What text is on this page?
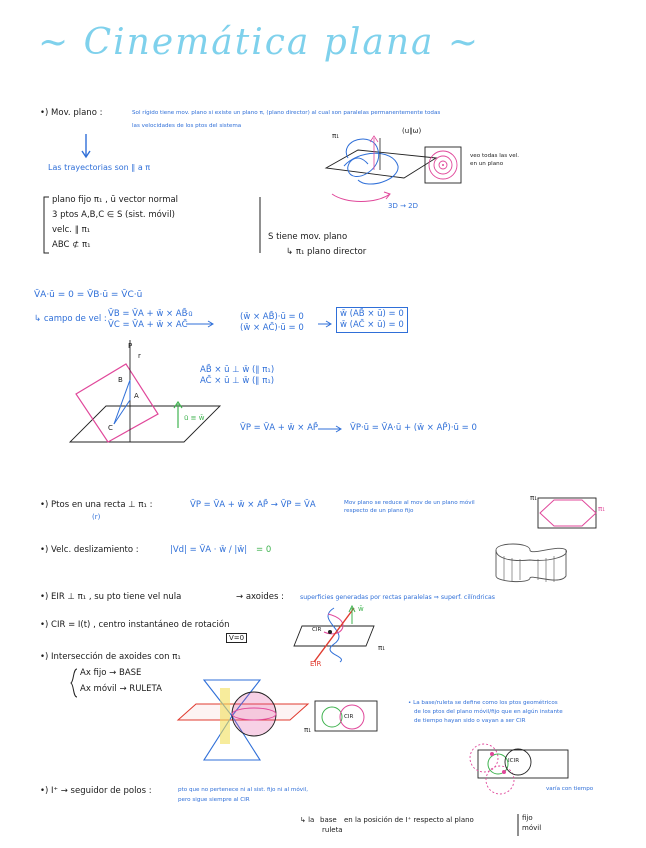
~ Cinemática plana ~
•) Mov. plano :	Sol rígido tiene mov. plano si existe un plano π, (plano director) al cual son paralelas permanentemente todas
las velocidades de los ptos del sistema
Las trayectorias son ∥ a π
π₁
(u∥ω)
veo todas las vel.
en un plano
3D → 2D
plano fijo π₁ , ū vector normal
3 ptos A,B,C ∈ S (sist. móvil)
velc. ∥ π₁
ABC ⊄ π₁
S tiene mov. plano
↳ π₁ plano director
V̄A·ū = 0 = V̄B·ū = V̄C·ū
↳ campo de vel : V̄B = V̄A + w̄ × AB̄
V̄C = V̄A + w̄ × AC̄
·ū	(w̄ × AB̄)·ū = 0
(w̄ × AC̄)·ū = 0
w̄ (AB̄ × ū) = 0
w̄ (AC̄ × ū) = 0
P
r
B
A
C
ū ≡ w̄
AB̄ × ū ⊥ w̄ (∥ π₁)
AC̄ × ū ⊥ w̄ (∥ π₁)
V̄P = V̄A + w̄ × AP̄	V̄P·ū = V̄A·ū + (w̄ × AP̄)·ū = 0
•) Ptos en una recta ⊥ π₁ :
(r)
V̄P = V̄A + w̄ × AP̄ → V̄P = V̄A	Mov plano se reduce al mov de un plano móvil
respecto de un plano fijo
π₁
π₁
•) Velc. deslizamiento :	|Vd| = V̄A · w̄ / |w̄| = 0
•) EIR ⊥ π₁ , su pto tiene vel nula	→ axoides :	superficies generadas por rectas paralelas ⇒ superf. cilíndricas
•) CIR = I(t) , centro instantáneo de rotación
V=0
w̄
CIR
EIR
π₁
•) Intersección de axoides con π₁
Ax fijo → BASE
Ax móvil → RULETA
π₁
CIR
• La base/ruleta se define como los ptos geométricos
de los ptos del plano móvil/fijo que en algún instante
de tiempo hayan sido o vayan a ser CIR
ICIR
varía con tiempo
•) I⁺ → seguidor de polos :	pto que no pertenece ni al sist. fijo ni al móvil,
pero sigue siempre al CIR
↳ la base
ruleta
en la posición de I⁺ respecto al plano	fijo
móvil
